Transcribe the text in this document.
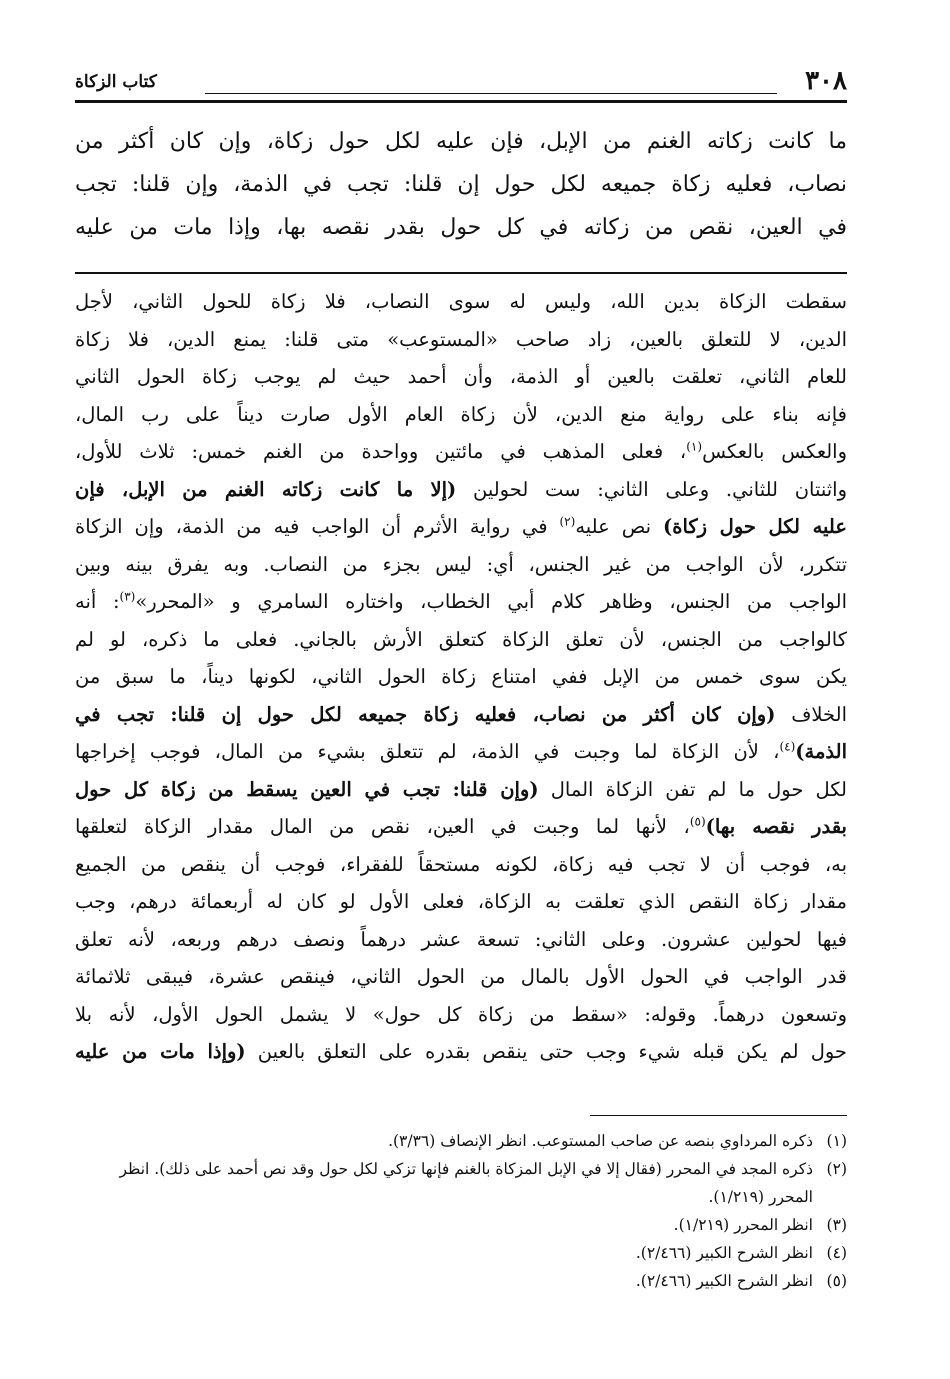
٣٠٨
كتاب الزكاة
ما كانت زكاته الغنم من الإبل، فإن عليه لكل حول زكاة، وإن كان أكثر من
نصاب، فعليه زكاة جميعه لكل حول إن قلنا: تجب في الذمة، وإن قلنا: تجب
في العين، نقص من زكاته في كل حول بقدر نقصه بها، وإذا مات من عليه
سقطت الزكاة بدين الله، وليس له سوى النصاب، فلا زكاة للحول الثاني، لأجل
الدين، لا للتعلق بالعين، زاد صاحب «المستوعب» متى قلنا: يمنع الدين، فلا زكاة
للعام الثاني، تعلقت بالعين أو الذمة، وأن أحمد حيث لم يوجب زكاة الحول الثاني
فإنه بناء على رواية منع الدين، لأن زكاة العام الأول صارت ديناً على رب المال،
والعكس بالعكس$^{(١)}$، فعلى المذهب في مائتين وواحدة من الغنم خمس: ثلاث للأول،
واثنتان للثاني. وعلى الثاني: ست لحولين (إلا ما كانت زكاته الغنم من الإبل، فإن
عليه لكل حول زكاة) نص عليه$^{(٢)}$ في رواية الأثرم أن الواجب فيه من الذمة، وإن الزكاة
تتكرر، لأن الواجب من غير الجنس، أي: ليس بجزء من النصاب. وبه يفرق بينه وبين
الواجب من الجنس، وظاهر كلام أبي الخطاب، واختاره السامري و «المحرر»$^{(٣)}$: أنه
كالواجب من الجنس، لأن تعلق الزكاة كتعلق الأرش بالجاني. فعلى ما ذكره، لو لم
يكن سوى خمس من الإبل ففي امتناع زكاة الحول الثاني، لكونها ديناً، ما سبق من
الخلاف (وإن كان أكثر من نصاب، فعليه زكاة جميعه لكل حول إن قلنا: تجب في
الذمة)$^{(٤)}$، لأن الزكاة لما وجبت في الذمة، لم تتعلق بشيء من المال، فوجب إخراجها
لكل حول ما لم تفن الزكاة المال (وإن قلنا: تجب في العين يسقط من زكاة كل حول
بقدر نقصه بها)$^{(٥)}$، لأنها لما وجبت في العين، نقص من المال مقدار الزكاة لتعلقها
به، فوجب أن لا تجب فيه زكاة، لكونه مستحقاً للفقراء، فوجب أن ينقص من الجميع
مقدار زكاة النقص الذي تعلقت به الزكاة، فعلى الأول لو كان له أربعمائة درهم، وجب
فيها لحولين عشرون. وعلى الثاني: تسعة عشر درهماً ونصف درهم وربعه، لأنه تعلق
قدر الواجب في الحول الأول بالمال من الحول الثاني، فينقص عشرة، فيبقى ثلاثمائة
وتسعون درهماً. وقوله: «سقط من زكاة كل حول» لا يشمل الحول الأول، لأنه بلا
حول لم يكن قبله شيء وجب حتى ينقص بقدره على التعلق بالعين (وإذا مات من عليه
(١)
ذكره المرداوي بنصه عن صاحب المستوعب. انظر الإنصاف (٣/٣٦).
(٢)
ذكره المجد في المحرر (فقال إلا في الإبل المزكاة بالغنم فإنها تزكي لكل حول وقد نص أحمد على ذلك). انظر المحرر (١/٢١٩).
(٣)
انظر المحرر (١/٢١٩).
(٤)
انظر الشرح الكبير (٢/٤٦٦).
(٥)
انظر الشرح الكبير (٢/٤٦٦).
